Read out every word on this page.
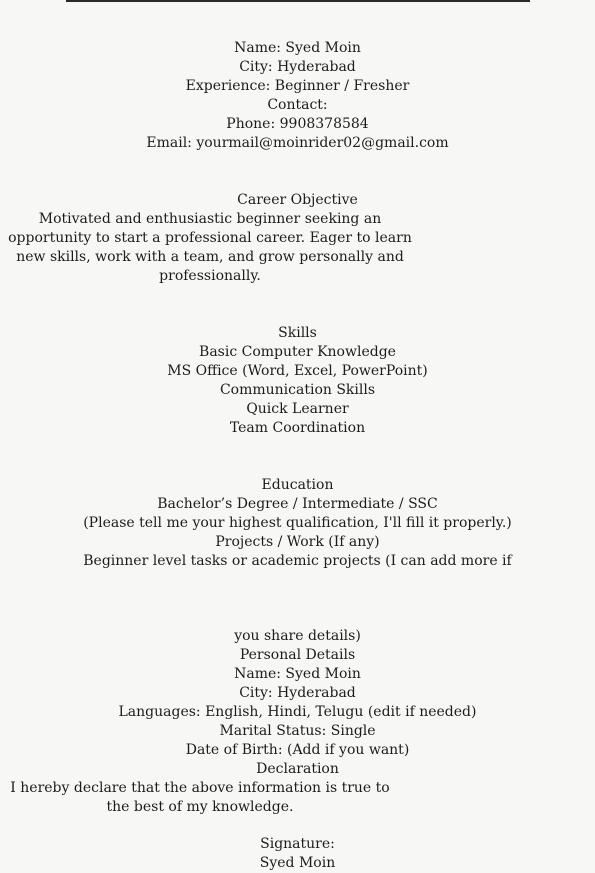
Name: Syed Moin

City: Hyderabad

Experience: Beginner / Fresher

Contact:

Phone: 9908378584

Email: yourmail@moinrider02@gmail.com

Career Objective

Motivated and enthusiastic beginner seeking an opportunity to start a professional career. Eager to learn new skills, work with a team, and grow personally and professionally.

Skills

Basic Computer Knowledge

MS Office (Word, Excel, PowerPoint)

Communication Skills

Quick Learner

Team Coordination

Education

Bachelor’s Degree / Intermediate / SSC

(Please tell me your highest qualification, I'll fill it properly.)

Projects / Work (If any)

Beginner level tasks or academic projects (I can add more if

you share details)

Personal Details

Name: Syed Moin

City: Hyderabad

Languages: English, Hindi, Telugu (edit if needed)

Marital Status: Single

Date of Birth: (Add if you want)

Declaration

I hereby declare that the above information is true to the best of my knowledge.

Signature:

Syed Moin
